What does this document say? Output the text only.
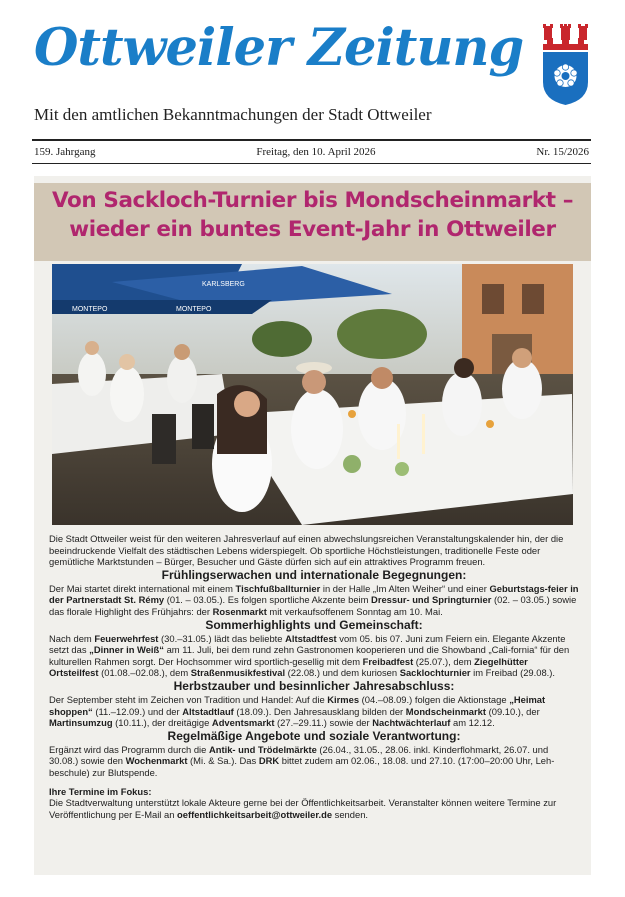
Ottweiler Zeitung
Mit den amtlichen Bekanntmachungen der Stadt Ottweiler
159. Jahrgang	Freitag, den 10. April 2026	Nr. 15/2026
Von Sackloch-Turnier bis Mondscheinmarkt –
wieder ein buntes Event-Jahr in Ottweiler
MONTEPO
KARLSBERG
MONTEPO

Die Stadt Ottweiler weist für den weiteren Jahresverlauf auf einen abwechslungsreichen Veranstaltungskalender hin, der die beeindruckende Vielfalt des städtischen Lebens widerspiegelt. Ob sportliche Höchstleistungen, traditionelle Feste oder gemütliche Marktstunden – Bürger, Besucher und Gäste dürfen sich auf ein attraktives Programm freuen.

Frühlingserwachen und internationale Begegnungen:

Der Mai startet direkt international mit einem Tischfußballturnier in der Halle „Im Alten Weiher“ und einer Geburtstags-feier in der Partnerstadt St. Rémy (01. – 03.05.). Es folgen sportliche Akzente beim Dressur- und Springturnier (02. – 03.05.) sowie das florale Highlight des Frühjahrs: der Rosenmarkt mit verkaufsoffenem Sonntag am 10. Mai.

Sommerhighlights und Gemeinschaft:

Nach dem Feuerwehrfest (30.–31.05.) lädt das beliebte Altstadtfest vom 05. bis 07. Juni zum Feiern ein. Elegante Akzente setzt das „Dinner in Weiß“ am 11. Juli, bei dem rund zehn Gastronomen kooperieren und die Showband „Cali-fornia“ für den kulturellen Rahmen sorgt. Der Hochsommer wird sportlich-gesellig mit dem Freibadfest (25.07.), dem Ziegelhütter Ortsteilfest (01.08.–02.08.), dem Straßenmusikfestival (22.08.) und dem kuriosen Sacklochturnier im Freibad (29.08.).

Herbstzauber und besinnlicher Jahresabschluss:

Der September steht im Zeichen von Tradition und Handel: Auf die Kirmes (04.–08.09.) folgen die Aktionstage „Heimat shoppen“ (11.–12.09.) und der Altstadtlauf (18.09.). Den Jahresausklang bilden der Mondscheinmarkt (09.10.), der Martinsumzug (10.11.), der dreitägige Adventsmarkt (27.–29.11.) sowie der Nachtwächterlauf am 12.12.

Regelmäßige Angebote und soziale Verantwortung:

Ergänzt wird das Programm durch die Antik- und Trödelmärkte (26.04., 31.05., 28.06. inkl. Kinderflohmarkt, 26.07. und 30.08.) sowie den Wochenmarkt (Mi. & Sa.). Das DRK bittet zudem am 02.06., 18.08. und 27.10. (17:00–20:00 Uhr, Leh-beschule) zur Blutspende.

Ihre Termine im Fokus:

Die Stadtverwaltung unterstützt lokale Akteure gerne bei der Öffentlichkeitsarbeit. Veranstalter können weitere Termine zur Veröffentlichung per E-Mail an oeffentlichkeitsarbeit@ottweiler.de senden.
